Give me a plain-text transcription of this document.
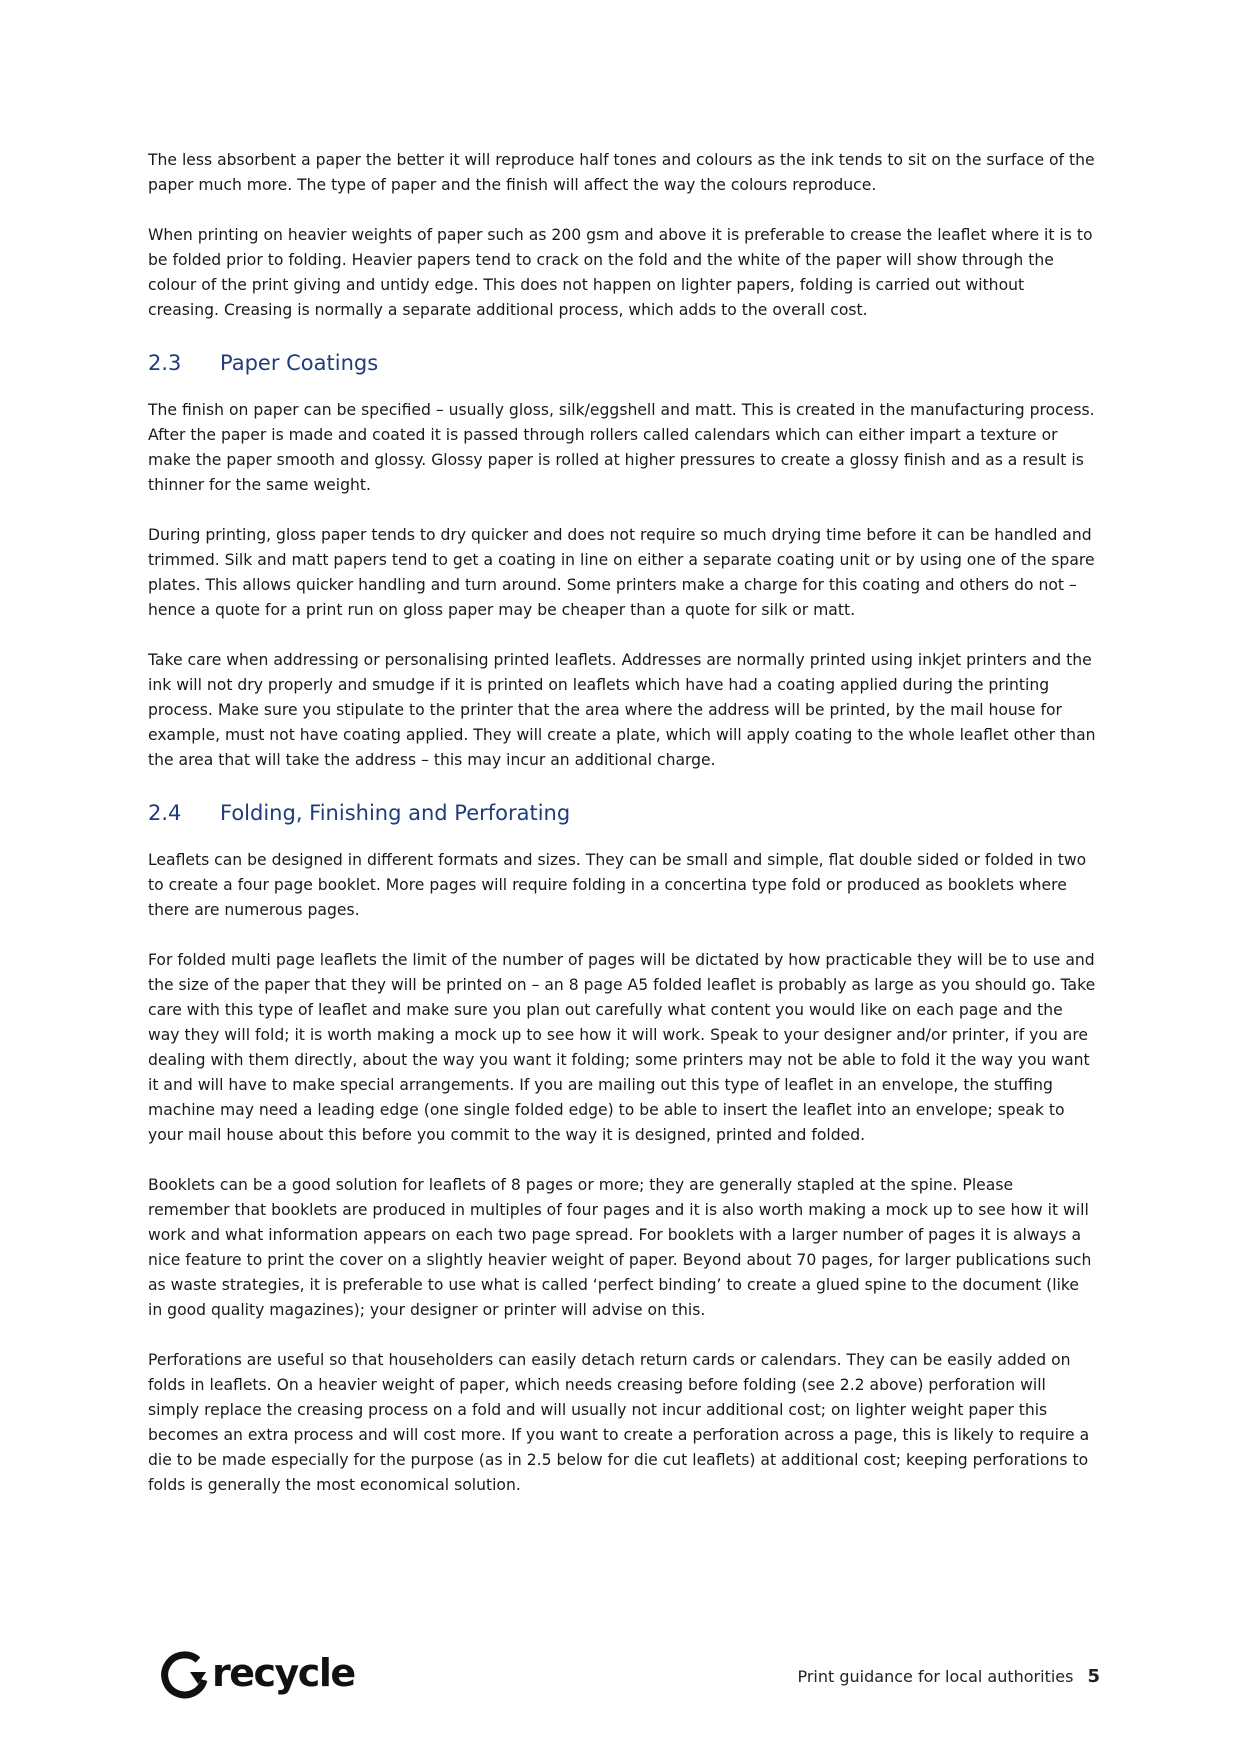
The less absorbent a paper the better it will reproduce half tones and colours as the ink tends to sit on the surface of the paper much more. The type of paper and the finish will affect the way the colours reproduce.

When printing on heavier weights of paper such as 200 gsm and above it is preferable to crease the leaflet where it is to be folded prior to folding. Heavier papers tend to crack on the fold and the white of the paper will show through the colour of the print giving and untidy edge. This does not happen on lighter papers, folding is carried out without creasing. Creasing is normally a separate additional process, which adds to the overall cost.

2.3	Paper Coatings

The finish on paper can be specified – usually gloss, silk/eggshell and matt. This is created in the manufacturing process. After the paper is made and coated it is passed through rollers called calendars which can either impart a texture or make the paper smooth and glossy. Glossy paper is rolled at higher pressures to create a glossy finish and as a result is thinner for the same weight.

During printing, gloss paper tends to dry quicker and does not require so much drying time before it can be handled and trimmed. Silk and matt papers tend to get a coating in line on either a separate coating unit or by using one of the spare plates. This allows quicker handling and turn around. Some printers make a charge for this coating and others do not – hence a quote for a print run on gloss paper may be cheaper than a quote for silk or matt.

Take care when addressing or personalising printed leaflets. Addresses are normally printed using inkjet printers and the ink will not dry properly and smudge if it is printed on leaflets which have had a coating applied during the printing process. Make sure you stipulate to the printer that the area where the address will be printed, by the mail house for example, must not have coating applied. They will create a plate, which will apply coating to the whole leaflet other than the area that will take the address – this may incur an additional charge.

2.4	Folding, Finishing and Perforating

Leaflets can be designed in different formats and sizes. They can be small and simple, flat double sided or folded in two to create a four page booklet. More pages will require folding in a concertina type fold or produced as booklets where there are numerous pages.

For folded multi page leaflets the limit of the number of pages will be dictated by how practicable they will be to use and the size of the paper that they will be printed on – an 8 page A5 folded leaflet is probably as large as you should go. Take care with this type of leaflet and make sure you plan out carefully what content you would like on each page and the way they will fold; it is worth making a mock up to see how it will work. Speak to your designer and/or printer, if you are dealing with them directly, about the way you want it folding; some printers may not be able to fold it the way you want it and will have to make special arrangements. If you are mailing out this type of leaflet in an envelope, the stuffing machine may need a leading edge (one single folded edge) to be able to insert the leaflet into an envelope; speak to your mail house about this before you commit to the way it is designed, printed and folded.

Booklets can be a good solution for leaflets of 8 pages or more; they are generally stapled at the spine. Please remember that booklets are produced in multiples of four pages and it is also worth making a mock up to see how it will work and what information appears on each two page spread. For booklets with a larger number of pages it is always a nice feature to print the cover on a slightly heavier weight of paper. Beyond about 70 pages, for larger publications such as waste strategies, it is preferable to use what is called ‘perfect binding’ to create a glued spine to the document (like in good quality magazines); your designer or printer will advise on this.

Perforations are useful so that householders can easily detach return cards or calendars. They can be easily added on folds in leaflets. On a heavier weight of paper, which needs creasing before folding (see 2.2 above) perforation will simply replace the creasing process on a fold and will usually not incur additional cost; on lighter weight paper this becomes an extra process and will cost more. If you want to create a perforation across a page, this is likely to require a die to be made especially for the purpose (as in 2.5 below for die cut leaflets) at additional cost; keeping perforations to folds is generally the most economical solution.

recycle	Print guidance for local authorities 5
